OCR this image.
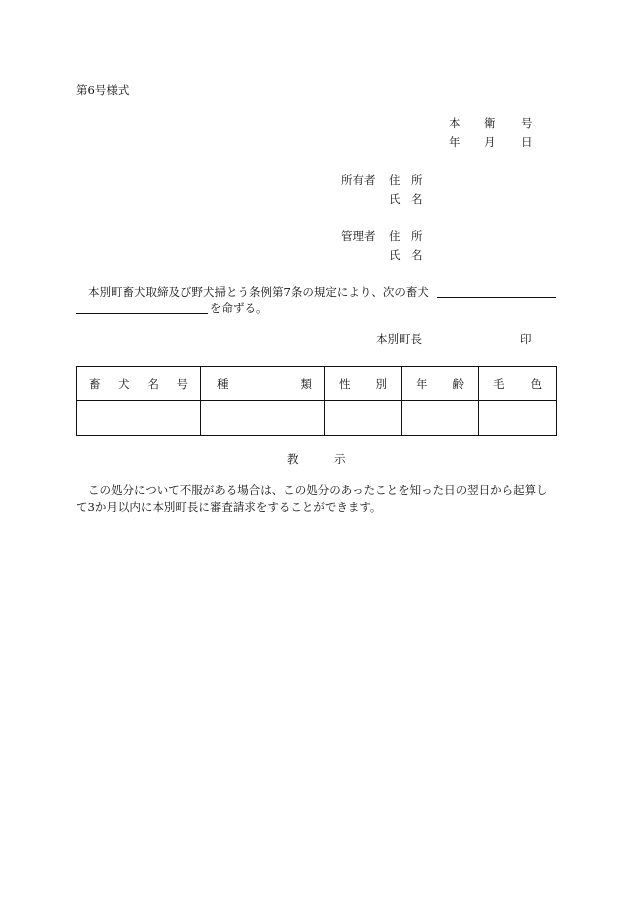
第6号様式
本 衛 号
年 月 日
所有者 住 所
氏 名
管理者 住 所
氏 名
本別町畜犬取締及び野犬掃とう条例第7条の規定により、次の畜犬
を命ずる。
本別町長	印
畜 犬 名 号	種 類	性 別	年 齢	毛 色

教	示
この処分について不服がある場合は、この処分のあったことを知った日の翌日から起算して3か月以内に本別町長に審査請求をすることができます。
